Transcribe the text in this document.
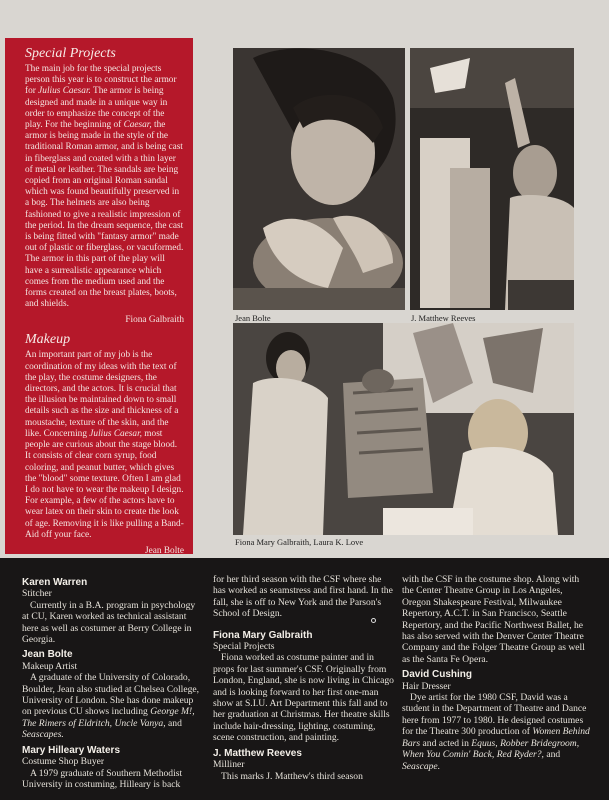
Special Projects

The main job for the special projects person this year is to construct the armor for Julius Caesar. The armor is being designed and made in a unique way in order to emphasize the concept of the play. For the beginning of Caesar, the armor is being made in the style of the traditional Roman armor, and is being cast in fiberglass and coated with a thin layer of metal or leather. The sandals are being copied from an original Roman sandal which was found beautifully preserved in a bog. The helmets are also being fashioned to give a realistic impression of the period. In the dream sequence, the cast is being fitted with "fantasy armor" made out of plastic or fiberglass, or vacuformed. The armor in this part of the play will have a surrealistic appearance which comes from the medium used and the forms created on the breast plates, boots, and shields.

Fiona Galbraith
Makeup

An important part of my job is the coordination of my ideas with the text of the play, the costume designers, the directors, and the actors. It is crucial that the illusion be maintained down to small details such as the size and thickness of a moustache, texture of the skin, and the like. Concerning Julius Caesar, most people are curious about the stage blood. It consists of clear corn syrup, food coloring, and peanut butter, which gives the "blood" some texture. Often I am glad I do not have to wear the makeup I design. For example, a few of the actors have to wear latex on their skin to create the look of age. Removing it is like pulling a Band-Aid off your face.

Jean Bolte
Jean Bolte	J. Matthew Reeves
Fiona Mary Galbraith, Laura K. Love
Karen Warren
Stitcher

Currently in a B.A. program in psychology at CU, Karen worked as technical assistant here as well as costumer at Berry College in Georgia.

Jean Bolte
Makeup Artist

A graduate of the University of Colorado, Boulder, Jean also studied at Chelsea College, University of London. She has done makeup on previous CU shows including George M!, The Rimers of Eldritch, Uncle Vanya, and Seascapes.

Mary Hilleary Waters
Costume Shop Buyer

A 1979 graduate of Southern Methodist University in costuming, Hilleary is back

for her third season with the CSF where she has worked as seamstress and first hand. In the fall, she is off to New York and the Parson's School of Design.
Fiona Mary Galbraith
Special Projects

Fiona worked as costume painter and in props for last summer's CSF. Originally from London, England, she is now living in Chicago and is looking forward to her first one-man show at S.I.U. Art Department this fall and to her graduation at Christmas. Her theatre skills include hair-dressing, lighting, costuming, scene construction, and painting.

J. Matthew Reeves
Milliner

This marks J. Matthew's third season

with the CSF in the costume shop. Along with the Center Theatre Group in Los Angeles, Oregon Shakespeare Festival, Milwaukee Repertory, A.C.T. in San Francisco, Seattle Repertory, and the Pacific Northwest Ballet, he has also served with the Denver Center Theatre Company and the Folger Theatre Group as well as the Santa Fe Opera.
David Cushing
Hair Dresser

Dye artist for the 1980 CSF, David was a student in the Department of Theatre and Dance here from 1977 to 1980. He designed costumes for the Theatre 300 production of Women Behind Bars and acted in Equus, Robber Bridegroom, When You Comin' Back, Red Ryder?, and Seascape.
